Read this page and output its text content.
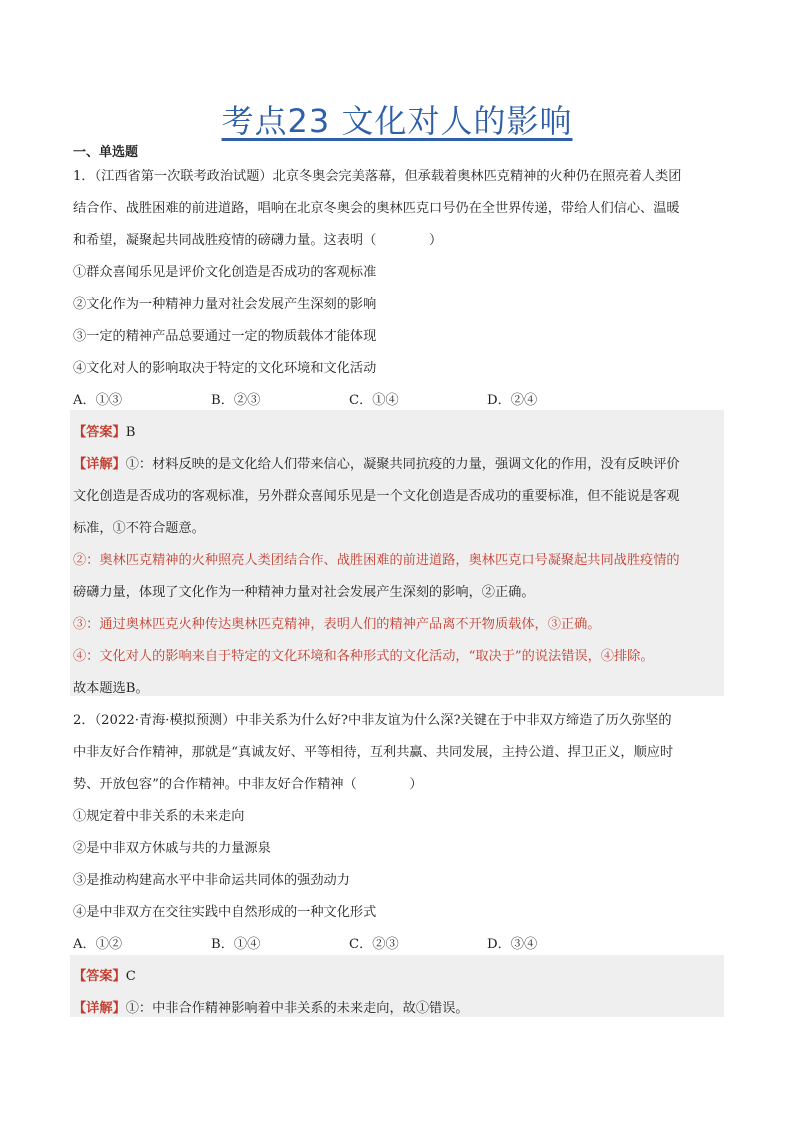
考点23 文化对人的影响
一、单选题
1．（江西省第一次联考政治试题）北京冬奥会完美落幕，但承载着奥林匹克精神的火种仍在照亮着人类团
结合作、战胜困难的前进道路，唱响在北京冬奥会的奥林匹克口号仍在全世界传递，带给人们信心、温暖
和希望，凝聚起共同战胜疫情的磅礴力量。这表明（　　　　）
①群众喜闻乐见是评价文化创造是否成功的客观标准
②文化作为一种精神力量对社会发展产生深刻的影响
③一定的精神产品总要通过一定的物质载体才能体现
④文化对人的影响取决于特定的文化环境和文化活动
A．①③	B．②③	C．①④	D．②④
【答案】B
【详解】①：材料反映的是文化给人们带来信心，凝聚共同抗疫的力量，强调文化的作用，没有反映评价
文化创造是否成功的客观标准，另外群众喜闻乐见是一个文化创造是否成功的重要标准，但不能说是客观
标准，①不符合题意。
②：奥林匹克精神的火种照亮人类团结合作、战胜困难的前进道路，奥林匹克口号凝聚起共同战胜疫情的
磅礴力量，体现了文化作为一种精神力量对社会发展产生深刻的影响，②正确。
③：通过奥林匹克火种传达奥林匹克精神，表明人们的精神产品离不开物质载体，③正确。
④：文化对人的影响来自于特定的文化环境和各种形式的文化活动，“取决于”的说法错误，④排除。
故本题选B。
2．（2022·青海·模拟预测）中非关系为什么好?中非友谊为什么深?关键在于中非双方缔造了历久弥坚的
中非友好合作精神，那就是“真诚友好、平等相待，互利共赢、共同发展，主持公道、捍卫正义，顺应时
势、开放包容”的合作精神。中非友好合作精神（　　　　）
①规定着中非关系的未来走向
②是中非双方休戚与共的力量源泉
③是推动构建高水平中非命运共同体的强劲动力
④是中非双方在交往实践中自然形成的一种文化形式
A．①②	B．①④	C．②③	D．③④
【答案】C
【详解】①：中非合作精神影响着中非关系的未来走向，故①错误。
